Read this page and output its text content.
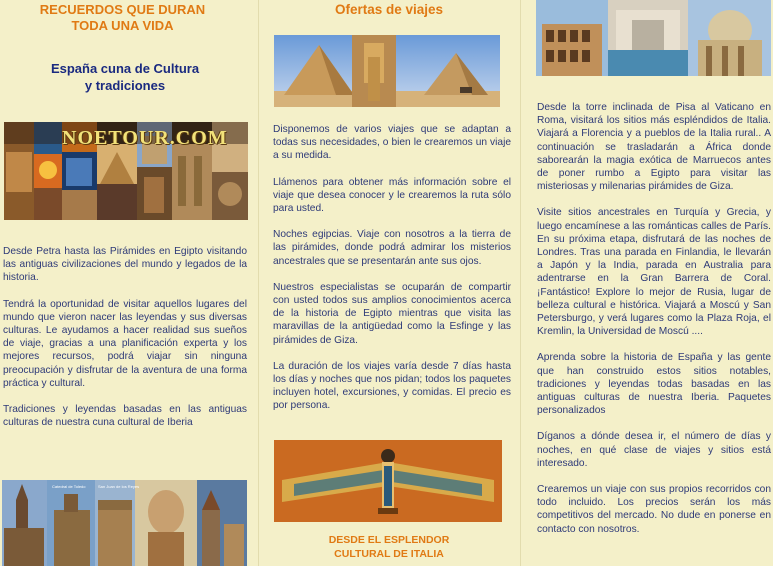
RECUERDOS QUE DURAN
TODA UNA VIDA
España cuna de Cultura
y tradiciones
NOETOUR.COM

Desde Petra hasta las Pirámides en Egipto visitando las antiguas civilizaciones del mundo y legados de la historia.

Tendrá la oportunidad de visitar aquellos lugares del mundo que vieron nacer las leyendas y sus diversas culturas. Le ayudamos a hacer realidad sus sueños de viaje, gracias a una planificación experta y los mejores recursos, podrá viajar sin ninguna preocupación y disfrutar de la aventura de una forma práctica y cultural.

Tradiciones y leyendas basadas en las antiguas culturas de nuestra cuna cultural de Iberia

Catedral de Toledo	San Juan de los Reyes
Ofertas de viajes

Disponemos de varios viajes que se adaptan a todas sus necesidades, o bien le crearemos un viaje a su medida.

Llámenos para obtener más información sobre el viaje que desea conocer y le crearemos la ruta sólo para usted.

Noches egipcias. Viaje con nosotros a la tierra de las pirámides, donde podrá admirar los misterios ancestrales que se presentarán ante sus ojos.

Nuestros especialistas se ocuparán de compartir con usted todos sus amplios conocimientos acerca de la historia de Egipto mientras que visita las maravillas de la antigüedad como la Esfinge y las pirámides de Giza.

La duración de los viajes varía desde 7 días hasta los días y noches que nos pidan; todos los paquetes incluyen hotel, excursiones, y comidas. El precio es por persona.

DESDE EL ESPLENDOR
CULTURAL DE ITALIA

Desde la torre inclinada de Pisa al Vaticano en Roma, visitará los sitios más espléndidos de Italia. Viajará a Florencia y a pueblos de la Italia rural.. A continuación se trasladarán a África donde saborearán la magia exótica de Marruecos antes de poner rumbo a Egipto para visitar las misteriosas y milenarias pirámides de Giza.

Visite sitios ancestrales en Turquía y Grecia, y luego encamínese a las románticas calles de París. En su próxima etapa, disfrutará de las noches de Londres. Tras una parada en Finlandia, le llevarán a Japón y la India, parada en Australia para adentrarse en la Gran Barrera de Coral. ¡Fantástico! Explore lo mejor de Rusia, lugar de belleza cultural e histórica. Viajará a Moscú y San Petersburgo, y verá lugares como la Plaza Roja, el Kremlin, la Universidad de Moscú ....

Aprenda sobre la historia de España y las gente que han construido estos sitios notables, tradiciones y leyendas todas basadas en las antiguas culturas de nuestra Iberia. Paquetes personalizados

Díganos a dónde desea ir, el número de días y noches, en qué clase de viajes y sitios está interesado.

Crearemos un viaje con sus propios recorridos con todo incluido. Los precios serán los más competitivos del mercado. No dude en ponerse en contacto con nosotros.
